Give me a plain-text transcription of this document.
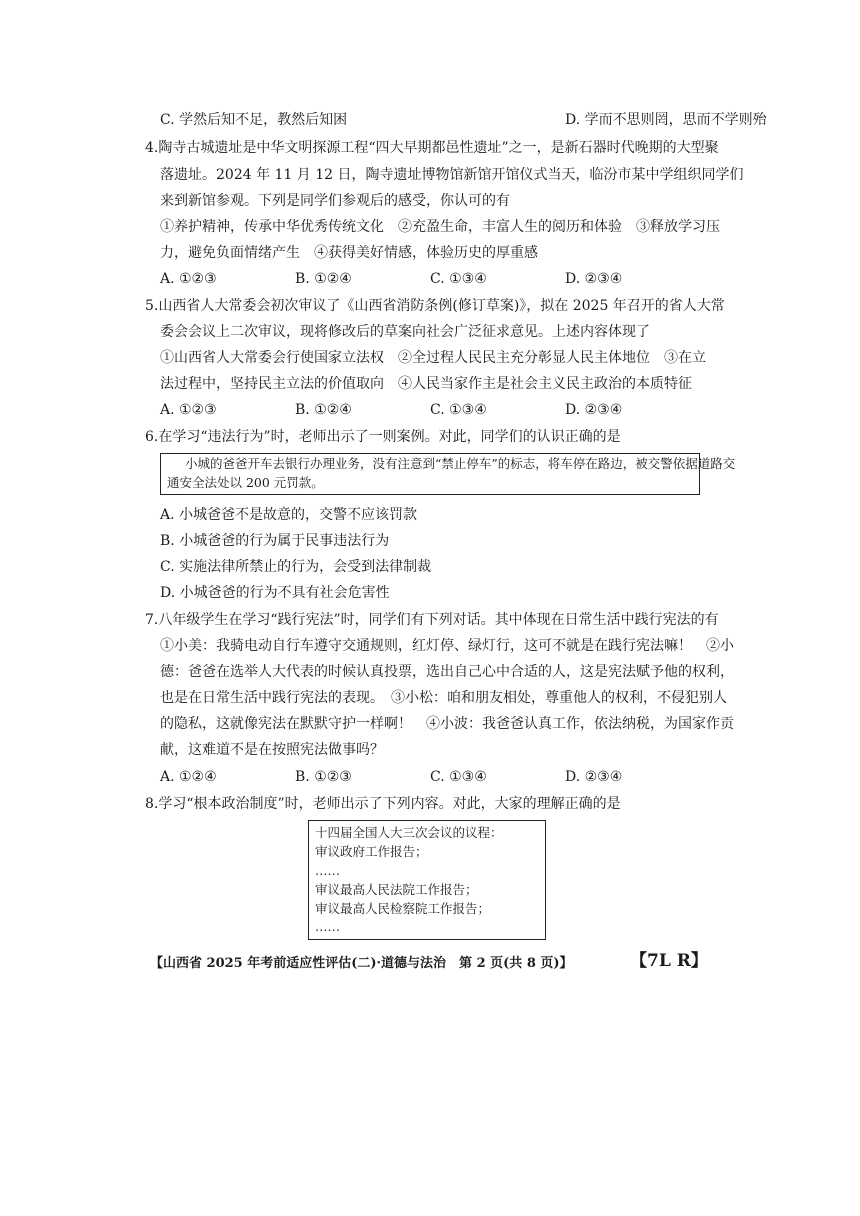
C. 学然后知不足，教然后知困	D. 学而不思则罔，思而不学则殆
4.陶寺古城遗址是中华文明探源工程“四大早期都邑性遗址”之一，是新石器时代晚期的大型聚
落遗址。2024 年 11 月 12 日，陶寺遗址博物馆新馆开馆仪式当天，临汾市某中学组织同学们
来到新馆参观。下列是同学们参观后的感受，你认可的有
①养护精神，传承中华优秀传统文化　②充盈生命，丰富人生的阅历和体验　③释放学习压
力，避免负面情绪产生　④获得美好情感，体验历史的厚重感
A. ①②③	B. ①②④	C. ①③④	D. ②③④
5.山西省人大常委会初次审议了《山西省消防条例(修订草案)》，拟在 2025 年召开的省人大常
委会会议上二次审议，现将修改后的草案向社会广泛征求意见。上述内容体现了
①山西省人大常委会行使国家立法权　②全过程人民民主充分彰显人民主体地位　③在立
法过程中，坚持民主立法的价值取向　④人民当家作主是社会主义民主政治的本质特征
A. ①②③	B. ①②④	C. ①③④	D. ②③④
6.在学习“违法行为”时，老师出示了一则案例。对此，同学们的认识正确的是
小城的爸爸开车去银行办理业务，没有注意到“禁止停车”的标志，将车停在路边，被交警依据道路交
通安全法处以 200 元罚款。
A. 小城爸爸不是故意的，交警不应该罚款
B. 小城爸爸的行为属于民事违法行为
C. 实施法律所禁止的行为，会受到法律制裁
D. 小城爸爸的行为不具有社会危害性
7.八年级学生在学习“践行宪法”时，同学们有下列对话。其中体现在日常生活中践行宪法的有
①小美：我骑电动自行车遵守交通规则，红灯停、绿灯行，这可不就是在践行宪法嘛！　②小
德：爸爸在选举人大代表的时候认真投票，选出自己心中合适的人，这是宪法赋予他的权利，
也是在日常生活中践行宪法的表现。　③小松：咱和朋友相处，尊重他人的权利，不侵犯别人
的隐私，这就像宪法在默默守护一样啊！　④小波：我爸爸认真工作，依法纳税，为国家作贡
献，这难道不是在按照宪法做事吗？
A. ①②④	B. ①②③	C. ①③④	D. ②③④
8.学习“根本政治制度”时，老师出示了下列内容。对此，大家的理解正确的是
十四届全国人大三次会议的议程：
审议政府工作报告；
……
审议最高人民法院工作报告；
审议最高人民检察院工作报告；
……
【山西省 2025 年考前适应性评估(二)·道德与法治　第 2 页(共 8 页)】	【7L R】
